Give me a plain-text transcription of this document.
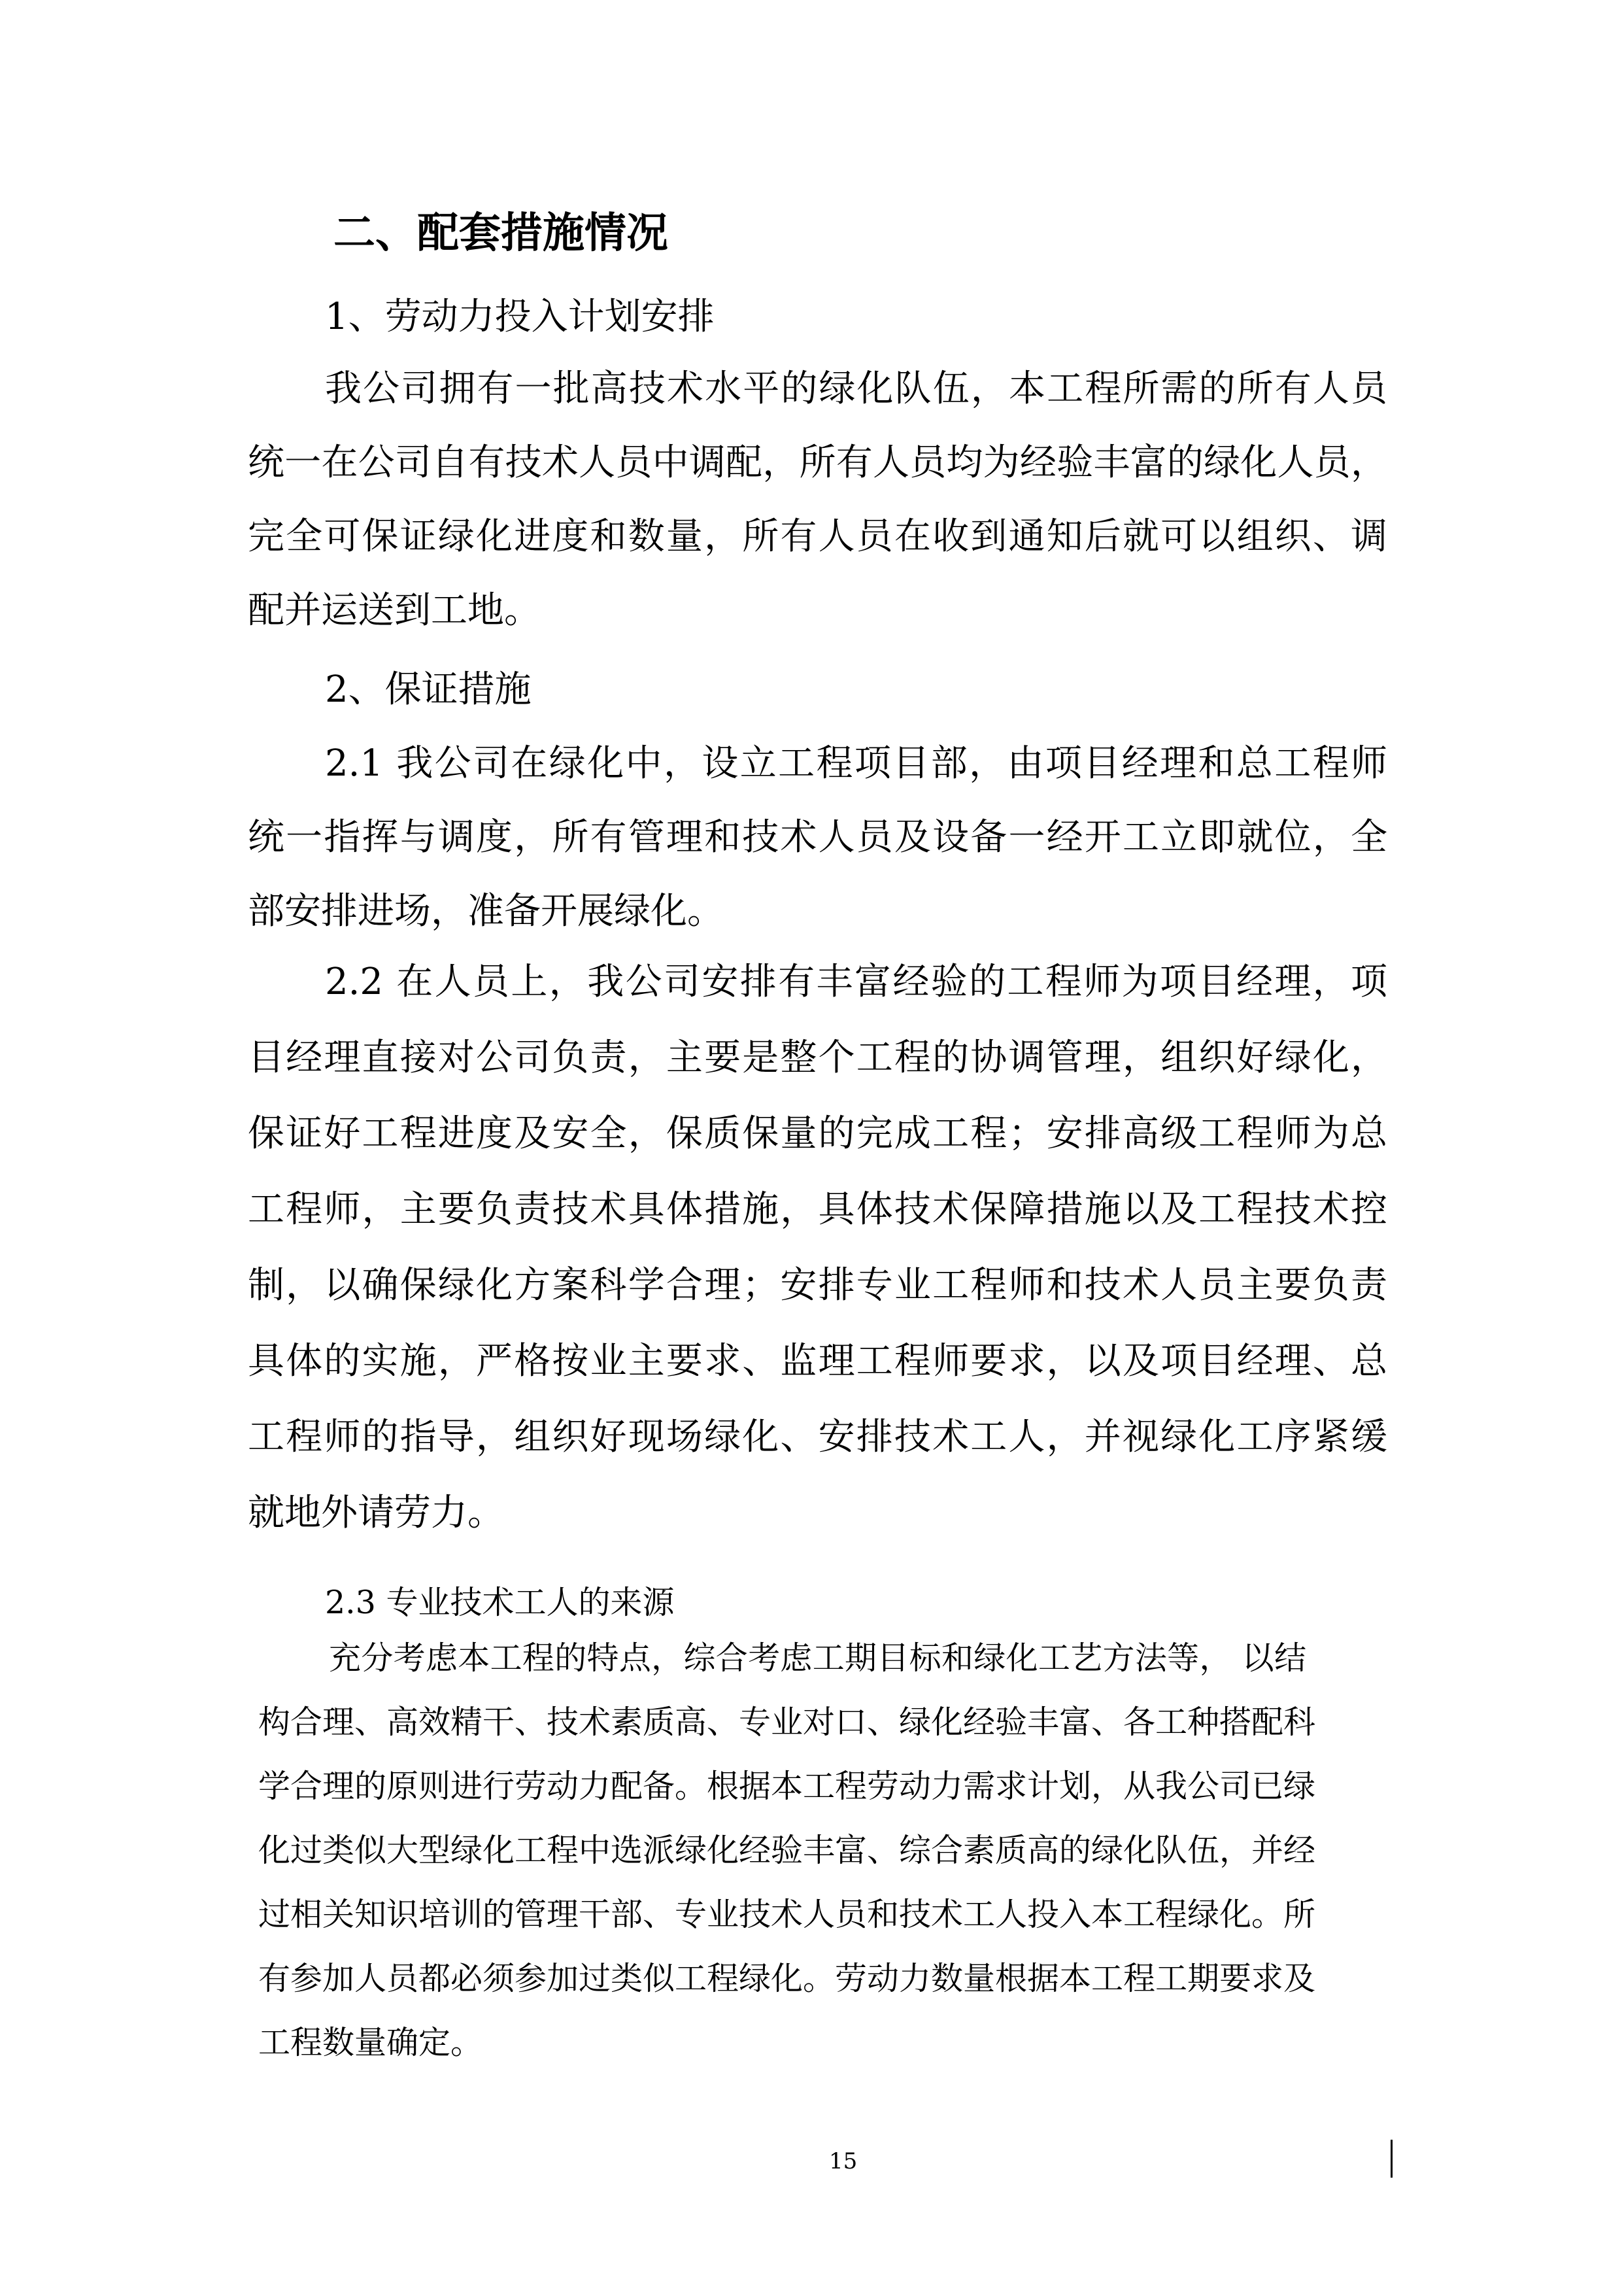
二、配套措施情况
1、劳动力投入计划安排
我公司拥有一批高技术水平的绿化队伍，本工程所需的所有人员
统一在公司自有技术人员中调配，所有人员均为经验丰富的绿化人员，
完全可保证绿化进度和数量，所有人员在收到通知后就可以组织、调
配并运送到工地。
2、保证措施
2.1 我公司在绿化中，设立工程项目部，由项目经理和总工程师
统一指挥与调度，所有管理和技术人员及设备一经开工立即就位，全
部安排进场，准备开展绿化。
2.2 在人员上，我公司安排有丰富经验的工程师为项目经理，项
目经理直接对公司负责，主要是整个工程的协调管理，组织好绿化，
保证好工程进度及安全，保质保量的完成工程；安排高级工程师为总
工程师，主要负责技术具体措施，具体技术保障措施以及工程技术控
制，以确保绿化方案科学合理；安排专业工程师和技术人员主要负责
具体的实施，严格按业主要求、监理工程师要求，以及项目经理、总
工程师的指导，组织好现场绿化、安排技术工人，并视绿化工序紧缓
就地外请劳力。
2.3 专业技术工人的来源
充分考虑本工程的特点，综合考虑工期目标和绿化工艺方法等， 以结
构合理、高效精干、技术素质高、专业对口、绿化经验丰富、各工种搭配科
学合理的原则进行劳动力配备。根据本工程劳动力需求计划，从我公司已绿
化过类似大型绿化工程中选派绿化经验丰富、综合素质高的绿化队伍，并经
过相关知识培训的管理干部、专业技术人员和技术工人投入本工程绿化。所
有参加人员都必须参加过类似工程绿化。劳动力数量根据本工程工期要求及
工程数量确定。
15
